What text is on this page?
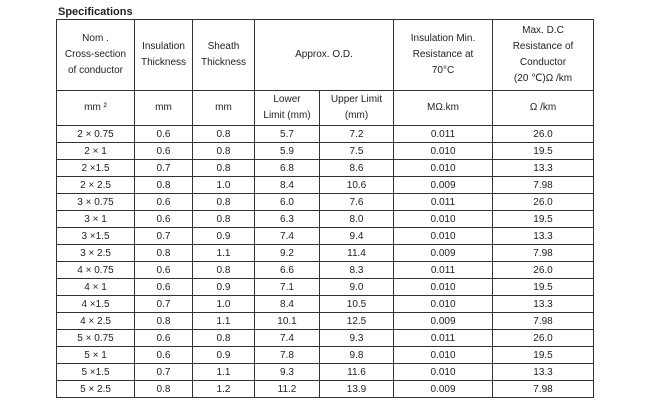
Specifications
Nom .
Cross-section
of conductor	Insulation
Thickness	Sheath
Thickness	Approx. O.D.		Insulation Min.
Resistance at
70°C	Max. D.C
Resistance of
Conductor
(20 ℃)Ω /km
mm ²	mm	mm	Lower
Limit (mm)	Upper Limit
(mm)	MΩ.km	Ω /km
2 × 0.75	0.6	0.8	5.7	7.2	0.011	26.0
2 × 1	0.6	0.8	5.9	7.5	0.010	19.5
2 ×1.5	0.7	0.8	6.8	8.6	0.010	13.3
2 × 2.5	0.8	1.0	8.4	10.6	0.009	7.98
3 × 0.75	0.6	0.8	6.0	7.6	0.011	26.0
3 × 1	0.6	0.8	6.3	8.0	0.010	19.5
3 ×1.5	0.7	0.9	7.4	9.4	0.010	13.3
3 × 2.5	0.8	1.1	9.2	11.4	0.009	7.98
4 × 0.75	0.6	0.8	6.6	8.3	0.011	26.0
4 × 1	0.6	0.9	7.1	9.0	0.010	19.5
4 ×1.5	0.7	1.0	8.4	10.5	0.010	13.3
4 × 2.5	0.8	1.1	10.1	12.5	0.009	7.98
5 × 0.75	0.6	0.8	7.4	9.3	0.011	26.0
5 × 1	0.6	0.9	7.8	9.8	0.010	19.5
5 ×1.5	0.7	1.1	9.3	11.6	0.010	13.3
5 × 2.5	0.8	1.2	11.2	13.9	0.009	7.98
